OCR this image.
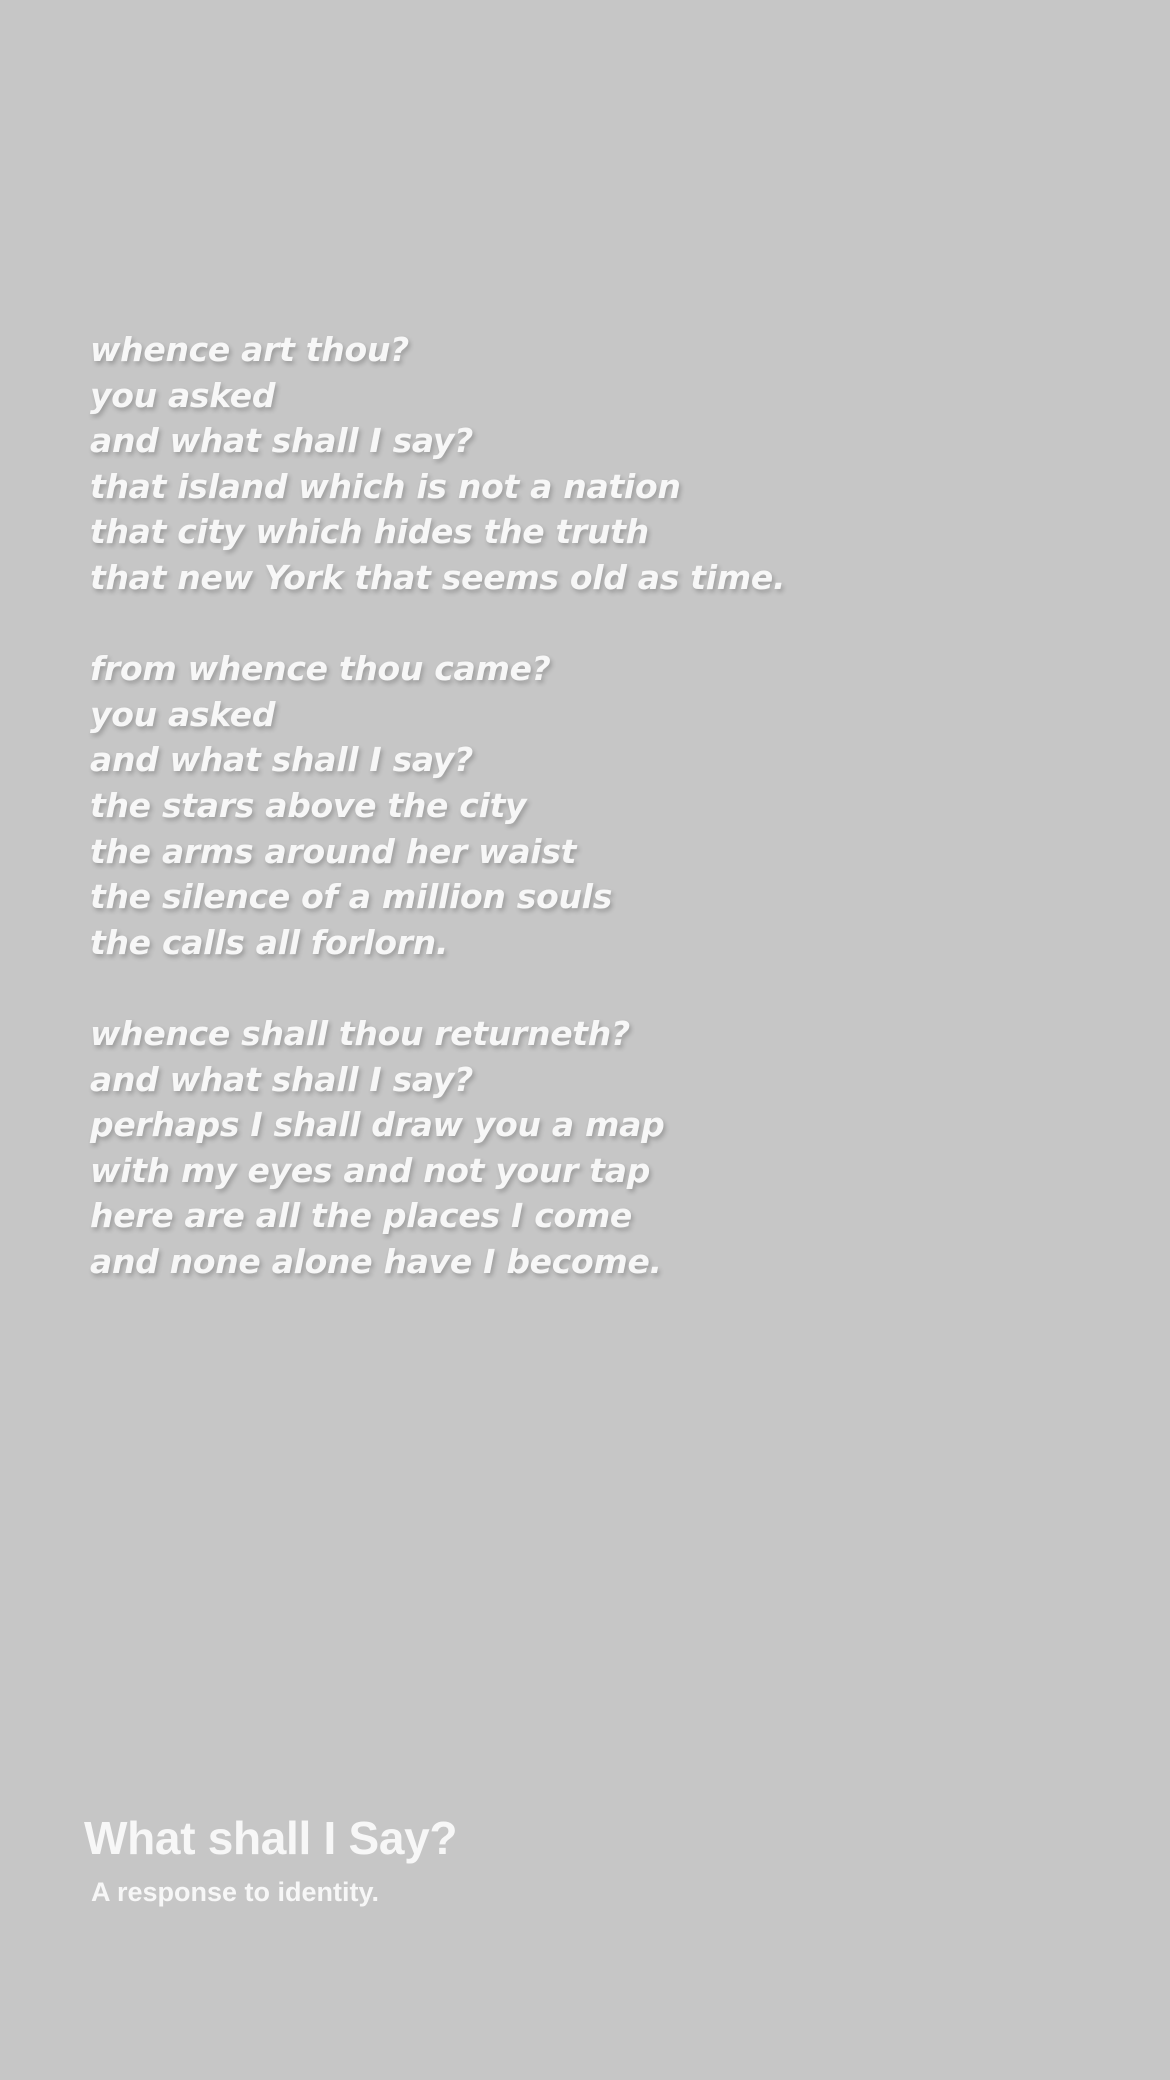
whence art thou?
you asked
and what shall I say?
that island which is not a nation
that city which hides the truth
that new York that seems old as time.
from whence thou came?
you asked
and what shall I say?
the stars above the city
the arms around her waist
the silence of a million souls
the calls all forlorn.
whence shall thou returneth?
and what shall I say?
perhaps I shall draw you a map
with my eyes and not your tap
here are all the places I come
and none alone have I become.
What shall I Say?
A response to identity.
